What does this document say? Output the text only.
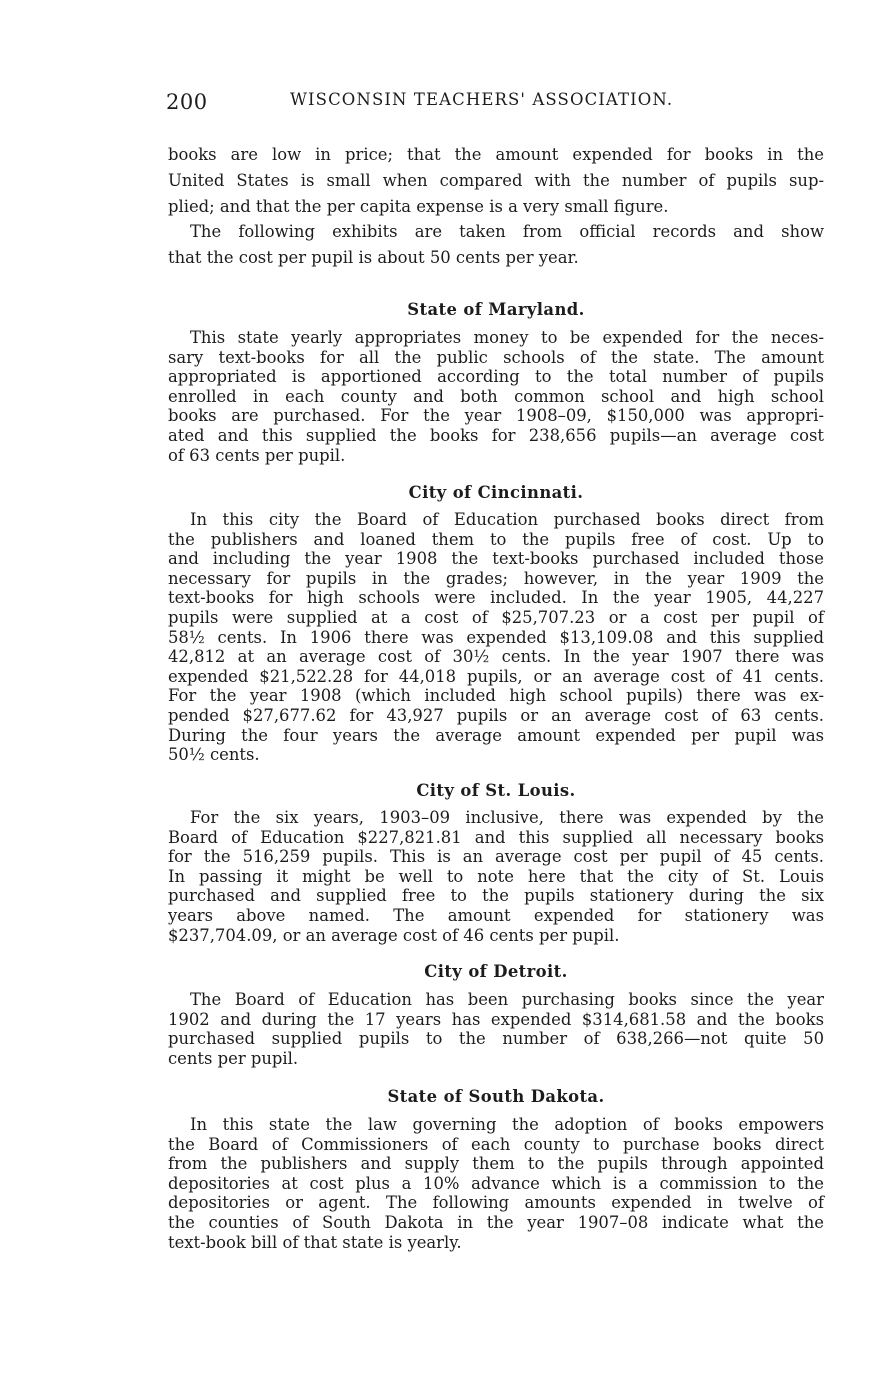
200	WISCONSIN TEACHERS' ASSOCIATION.

books are low in price; that the amount expended for books in the
United States is small when compared with the number of pupils sup-
plied; and that the per capita expense is a very small figure.

The following exhibits are taken from official records and show
that the cost per pupil is about 50 cents per year.

State of Maryland.

This state yearly appropriates money to be expended for the neces-
sary text-books for all the public schools of the state. The amount
appropriated is apportioned according to the total number of pupils
enrolled in each county and both common school and high school
books are purchased. For the year 1908–09, $150,000 was appropri-
ated and this supplied the books for 238,656 pupils—an average cost
of 63 cents per pupil.

City of Cincinnati.

In this city the Board of Education purchased books direct from
the publishers and loaned them to the pupils free of cost. Up to
and including the year 1908 the text-books purchased included those
necessary for pupils in the grades; however, in the year 1909 the
text-books for high schools were included. In the year 1905, 44,227
pupils were supplied at a cost of $25,707.23 or a cost per pupil of
58½ cents. In 1906 there was expended $13,109.08 and this supplied
42,812 at an average cost of 30½ cents. In the year 1907 there was
expended $21,522.28 for 44,018 pupils, or an average cost of 41 cents.
For the year 1908 (which included high school pupils) there was ex-
pended $27,677.62 for 43,927 pupils or an average cost of 63 cents.
During the four years the average amount expended per pupil was
50½ cents.

City of St. Louis.

For the six years, 1903–09 inclusive, there was expended by the
Board of Education $227,821.81 and this supplied all necessary books
for the 516,259 pupils. This is an average cost per pupil of 45 cents.
In passing it might be well to note here that the city of St. Louis
purchased and supplied free to the pupils stationery during the six
years above named. The amount expended for stationery was
$237,704.09, or an average cost of 46 cents per pupil.

City of Detroit.

The Board of Education has been purchasing books since the year
1902 and during the 17 years has expended $314,681.58 and the books
purchased supplied pupils to the number of 638,266—not quite 50
cents per pupil.

State of South Dakota.

In this state the law governing the adoption of books empowers
the Board of Commissioners of each county to purchase books direct
from the publishers and supply them to the pupils through appointed
depositories at cost plus a 10% advance which is a commission to the
depositories or agent. The following amounts expended in twelve of
the counties of South Dakota in the year 1907–08 indicate what the
text-book bill of that state is yearly.
